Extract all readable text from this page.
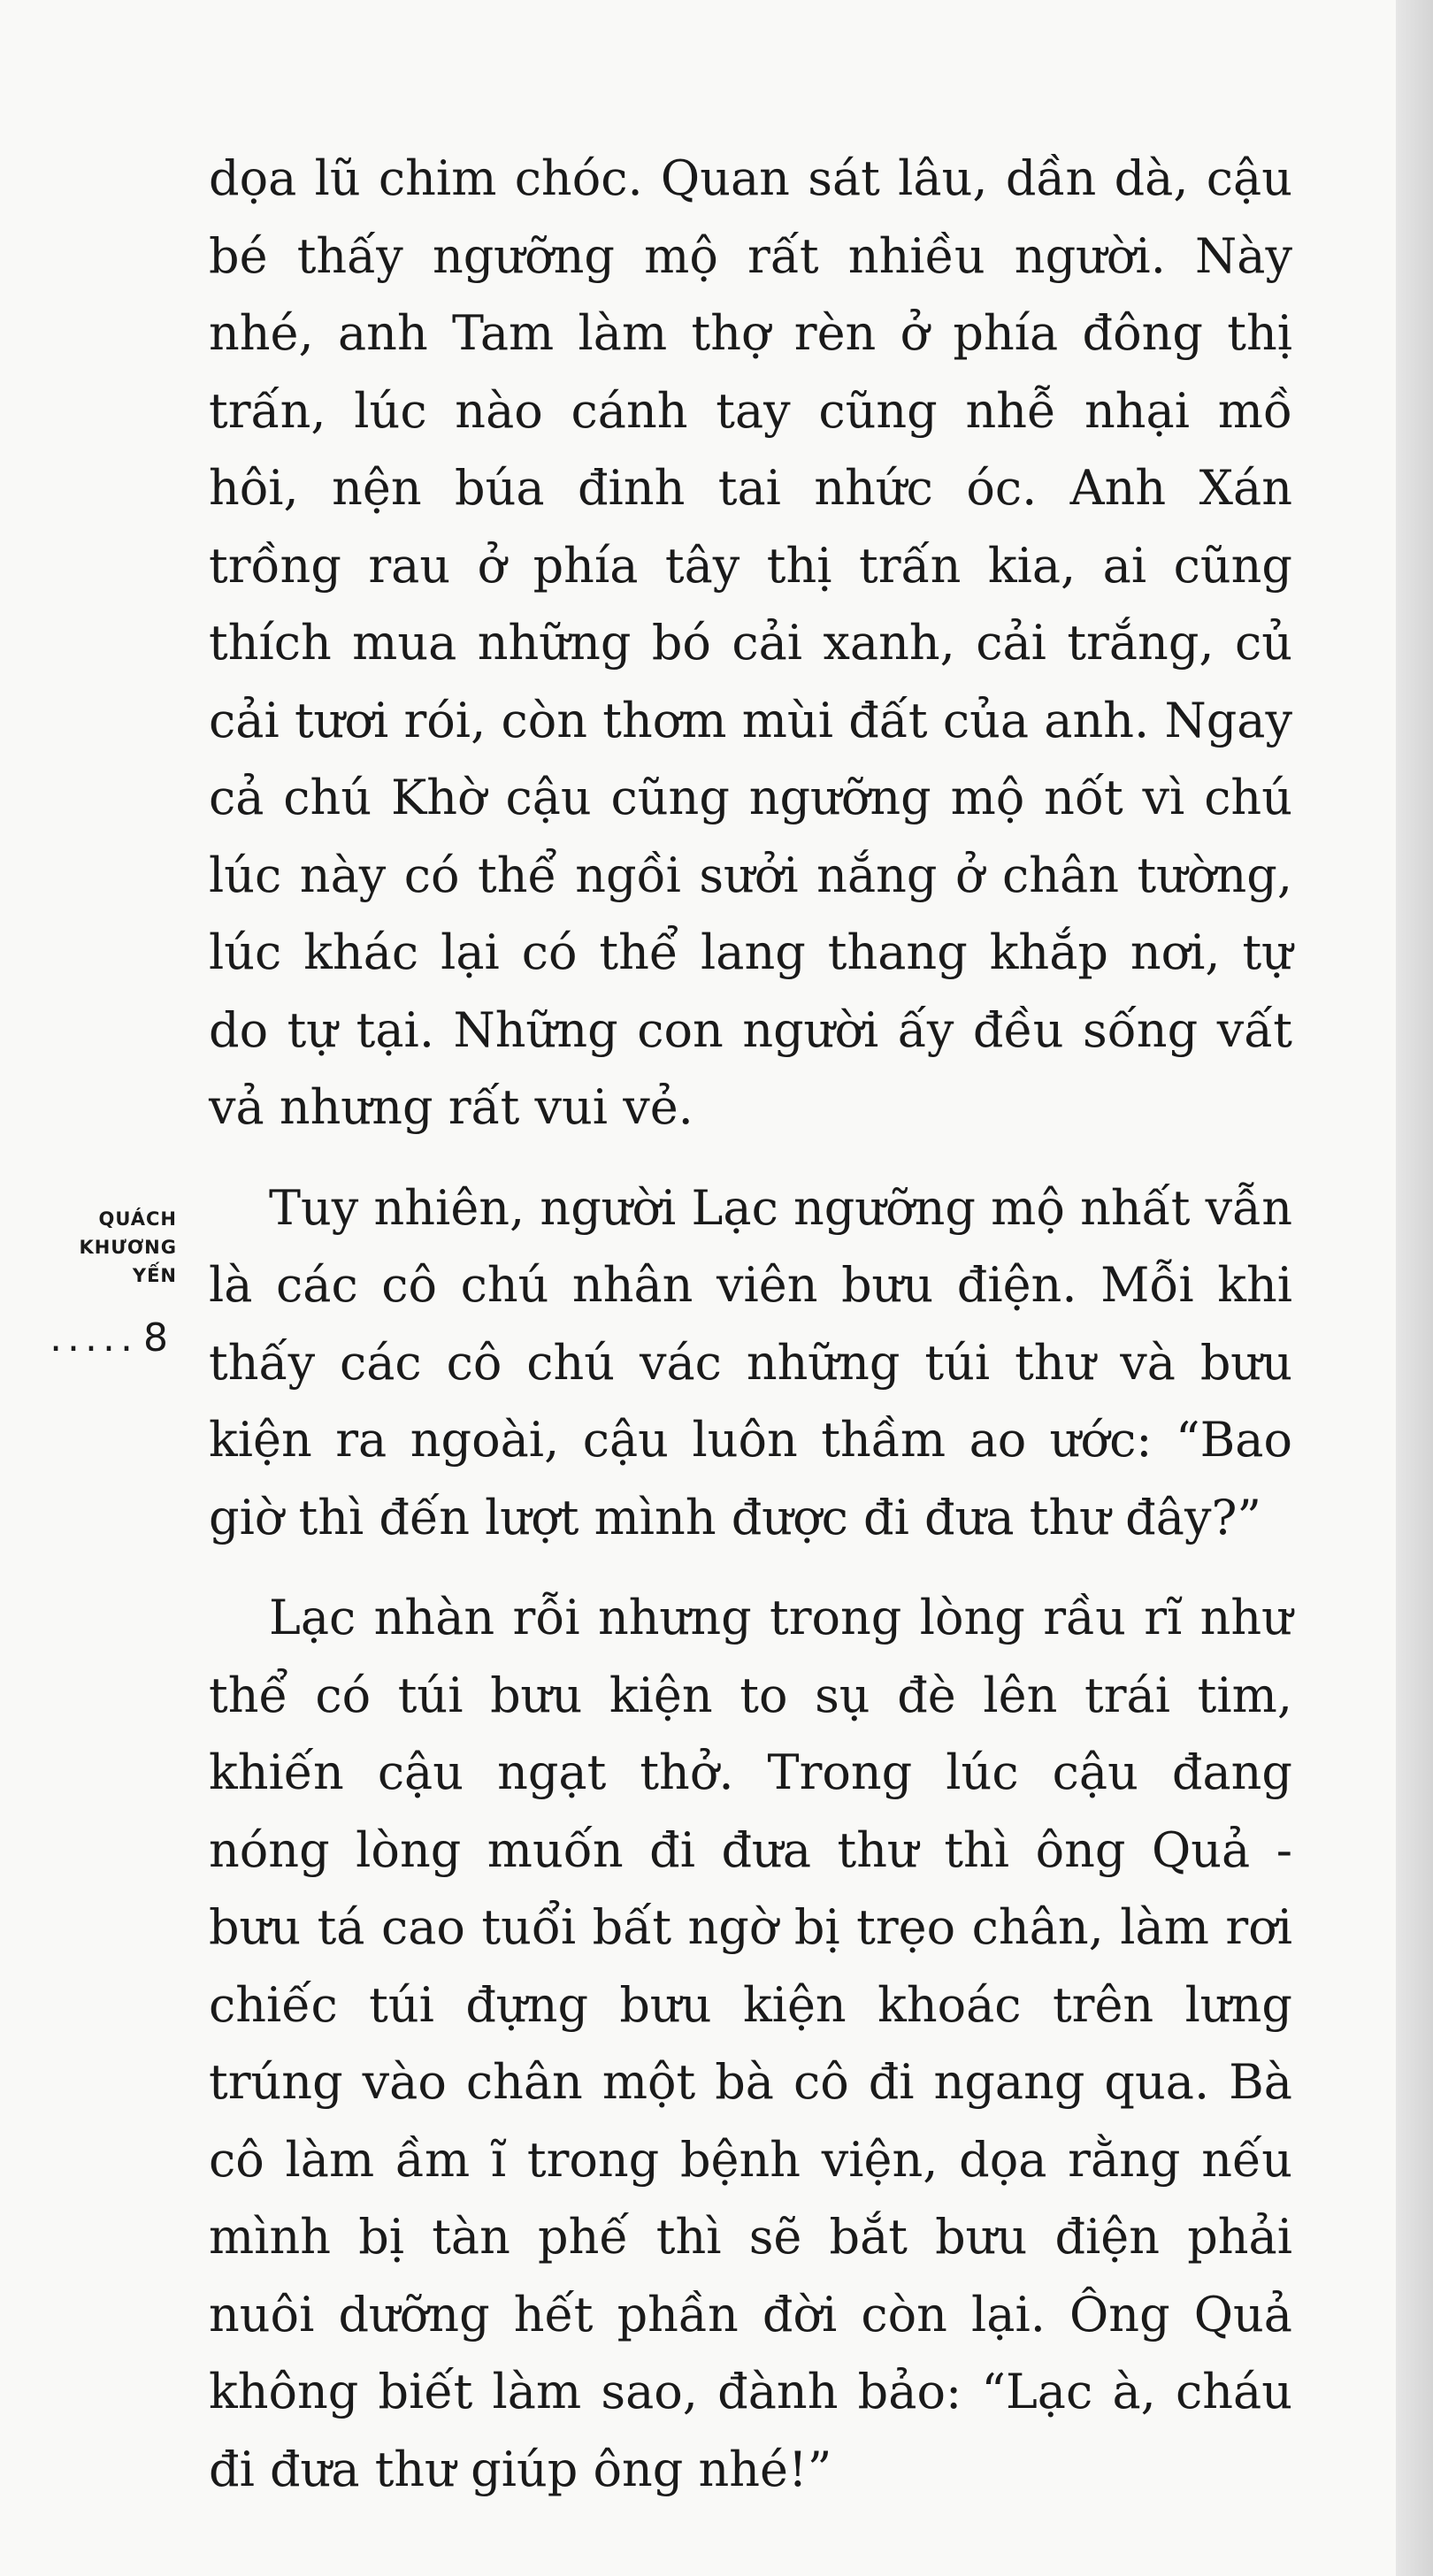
dọa lũ chim chóc. Quan sát lâu, dần dà, cậu bé thấy ngưỡng mộ rất nhiều người. Này nhé, anh Tam làm thợ rèn ở phía đông thị trấn, lúc nào cánh tay cũng nhễ nhại mồ hôi, nện búa đinh tai nhức óc. Anh Xán trồng rau ở phía tây thị trấn kia, ai cũng thích mua những bó cải xanh, cải trắng, củ cải tươi rói, còn thơm mùi đất của anh. Ngay cả chú Khờ cậu cũng ngưỡng mộ nốt vì chú lúc này có thể ngồi sưởi nắng ở chân tường, lúc khác lại có thể lang thang khắp nơi, tự do tự tại. Những con người ấy đều sống vất vả nhưng rất vui vẻ.

Tuy nhiên, người Lạc ngưỡng mộ nhất vẫn là các cô chú nhân viên bưu điện. Mỗi khi thấy các cô chú vác những túi thư và bưu kiện ra ngoài, cậu luôn thầm ao ước: “Bao giờ thì đến lượt mình được đi đưa thư đây?”

Lạc nhàn rỗi nhưng trong lòng rầu rĩ như thể có túi bưu kiện to sụ đè lên trái tim, khiến cậu ngạt thở. Trong lúc cậu đang nóng lòng muốn đi đưa thư thì ông Quả - bưu tá cao tuổi bất ngờ bị trẹo chân, làm rơi chiếc túi đựng bưu kiện khoác trên lưng trúng vào chân một bà cô đi ngang qua. Bà cô làm ầm ĩ trong bệnh viện, dọa rằng nếu mình bị tàn phế thì sẽ bắt bưu điện phải nuôi dưỡng hết phần đời còn lại. Ông Quả không biết làm sao, đành bảo: “Lạc à, cháu đi đưa thư giúp ông nhé!”

QUÁCH
KHƯƠNG
YẾN
..... 8
